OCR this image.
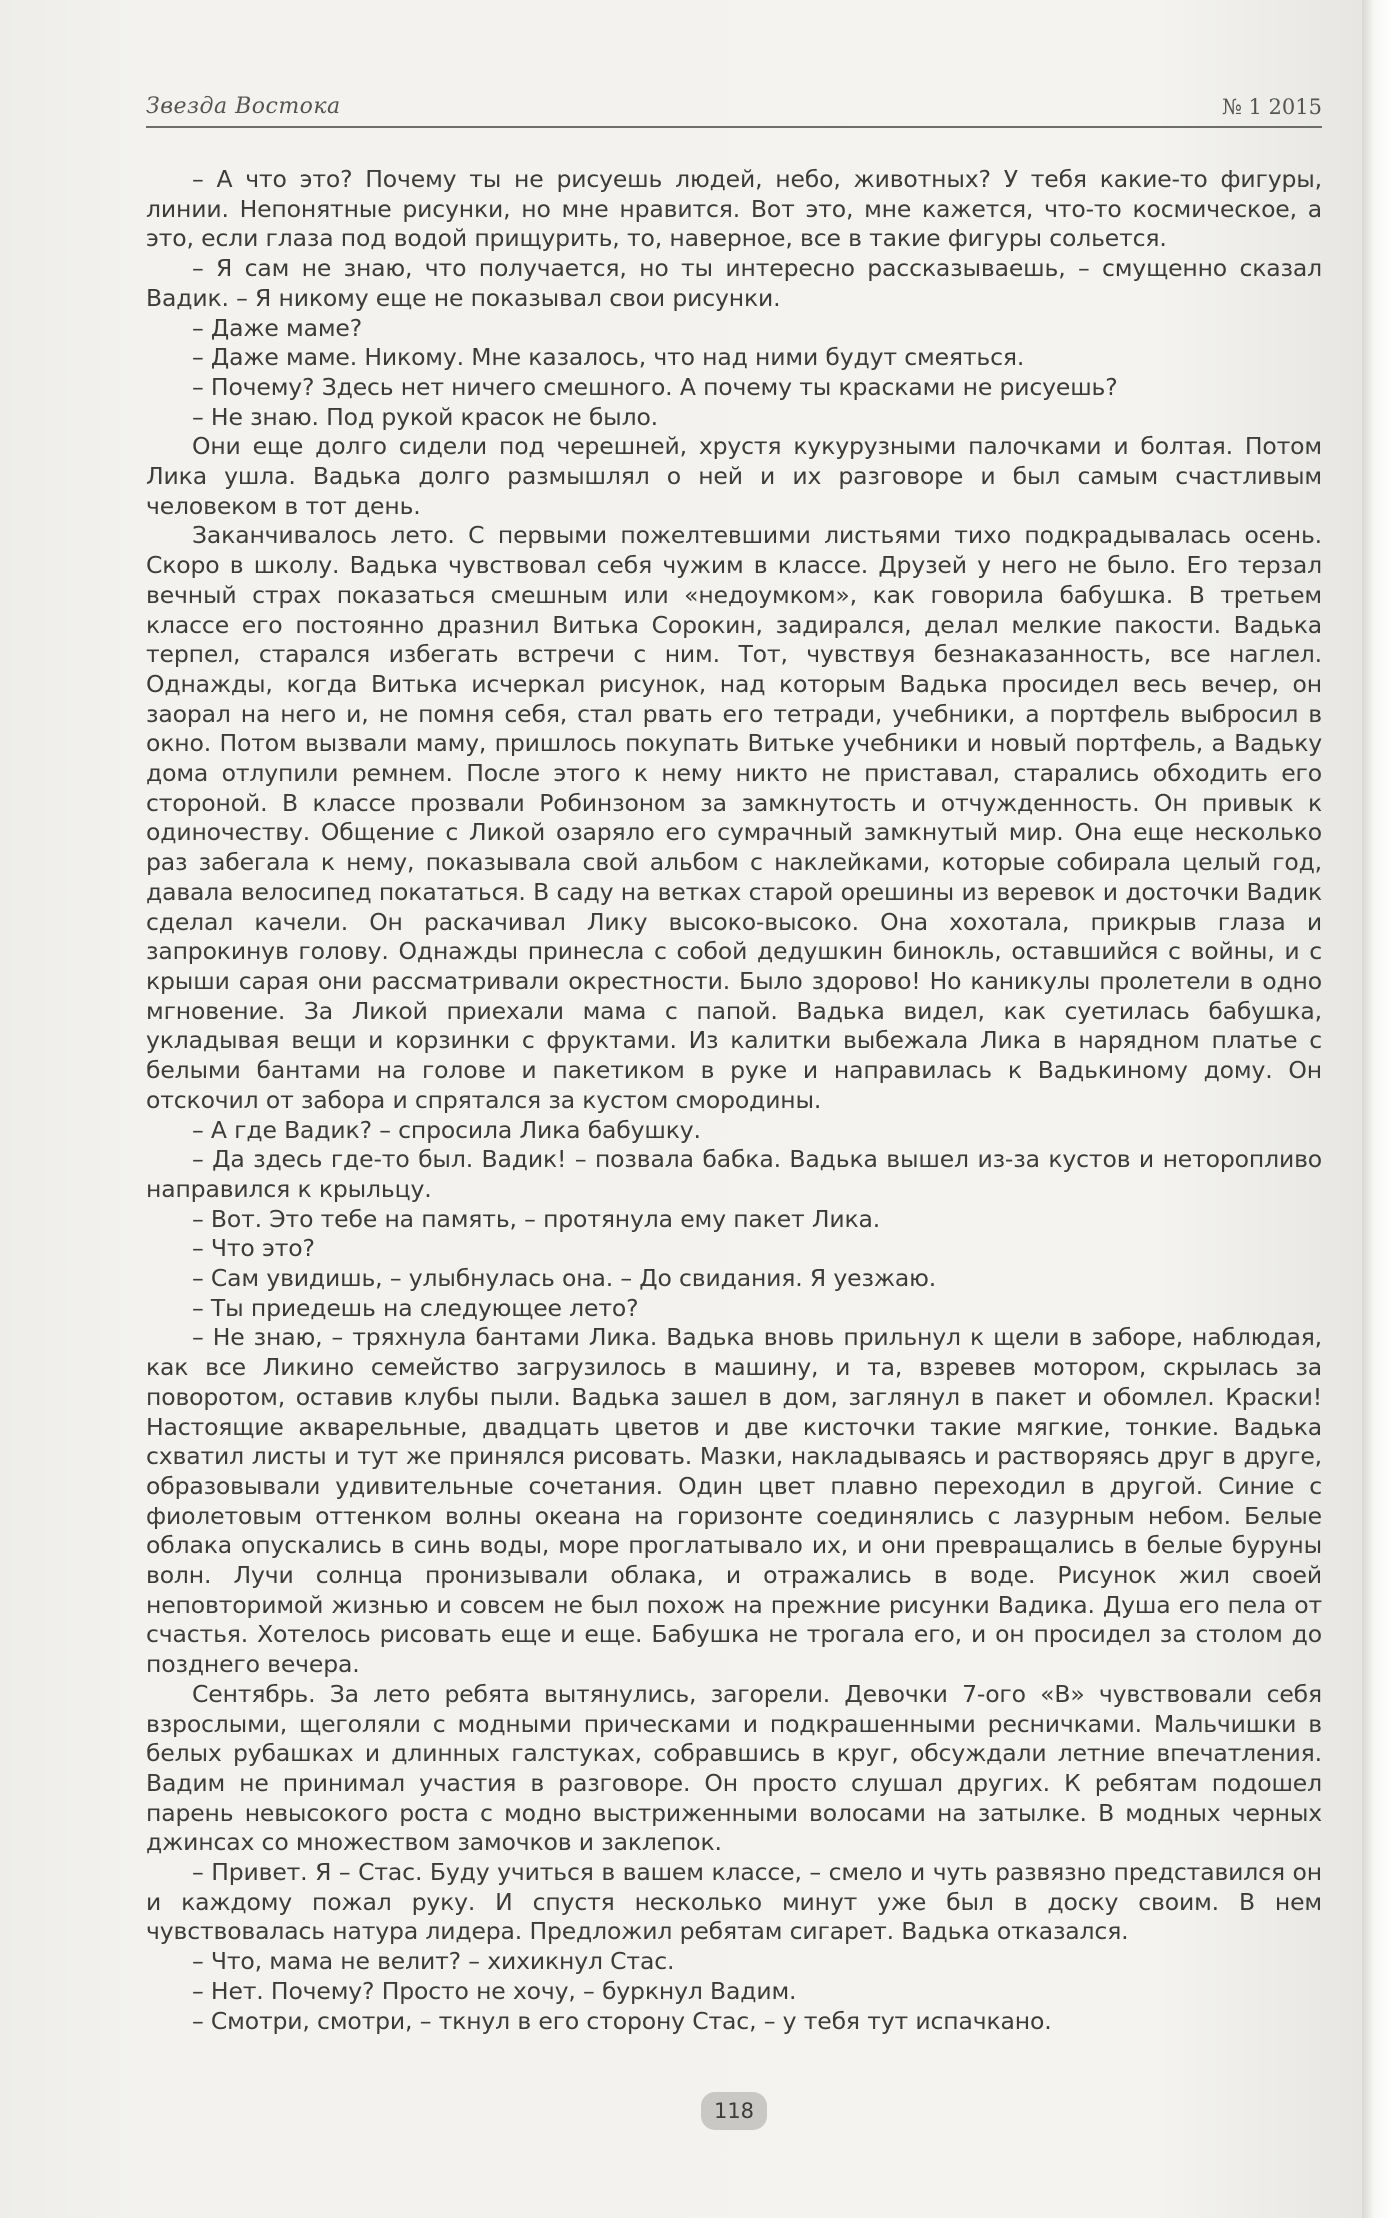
Звезда Востока	№ 1 2015

– А что это? Почему ты не рисуешь людей, небо, животных? У тебя какие-то фигуры, линии. Непонятные рисунки, но мне нравится. Вот это, мне кажется, что-то космическое, а это, если глаза под водой прищурить, то, наверное, все в такие фигуры сольется.

– Я сам не знаю, что получается, но ты интересно рассказываешь, – смущенно сказал Вадик. – Я никому еще не показывал свои рисунки.

– Даже маме?

– Даже маме. Никому. Мне казалось, что над ними будут смеяться.

– Почему? Здесь нет ничего смешного. А почему ты красками не рисуешь?

– Не знаю. Под рукой красок не было.

Они еще долго сидели под черешней, хрустя кукурузными палочками и болтая. Потом Лика ушла. Вадька долго размышлял о ней и их разговоре и был самым счастливым человеком в тот день.

Заканчивалось лето. С первыми пожелтевшими листьями тихо подкрадывалась осень. Скоро в школу. Вадька чувствовал себя чужим в классе. Друзей у него не было. Его терзал вечный страх показаться смешным или «недоумком», как говорила бабушка. В третьем классе его постоянно дразнил Витька Сорокин, задирался, делал мелкие пакости. Вадька терпел, старался избегать встречи с ним. Тот, чувствуя безнаказанность, все наглел. Однажды, когда Витька исчеркал рисунок, над которым Вадька просидел весь вечер, он заорал на него и, не помня себя, стал рвать его тетради, учебники, а портфель выбросил в окно. Потом вызвали маму, пришлось покупать Витьке учебники и новый портфель, а Вадьку дома отлупили ремнем. После этого к нему никто не приставал, старались обходить его стороной. В классе прозвали Робинзоном за замкнутость и отчужденность. Он привык к одиночеству. Общение с Ликой озаряло его сумрачный замкнутый мир. Она еще несколько раз забегала к нему, показывала свой альбом с наклейками, которые собирала целый год, давала велосипед покататься. В саду на ветках старой орешины из веревок и досточки Вадик сделал качели. Он раскачивал Лику высоко-высоко. Она хохотала, прикрыв глаза и запрокинув голову. Однажды принесла с собой дедушкин бинокль, оставшийся с войны, и с крыши сарая они рассматривали окрестности. Было здорово! Но каникулы пролетели в одно мгновение. За Ликой приехали мама с папой. Вадька видел, как суетилась бабушка, укладывая вещи и корзинки с фруктами. Из калитки выбежала Лика в нарядном платье с белыми бантами на голове и пакетиком в руке и направилась к Вадькиному дому. Он отскочил от забора и спрятался за кустом смородины.

– А где Вадик? – спросила Лика бабушку.

– Да здесь где-то был. Вадик! – позвала бабка. Вадька вышел из-за кустов и неторопливо направился к крыльцу.

– Вот. Это тебе на память, – протянула ему пакет Лика.

– Что это?

– Сам увидишь, – улыбнулась она. – До свидания. Я уезжаю.

– Ты приедешь на следующее лето?

– Не знаю, – тряхнула бантами Лика. Вадька вновь прильнул к щели в заборе, наблюдая, как все Ликино семейство загрузилось в машину, и та, взревев мотором, скрылась за поворотом, оставив клубы пыли. Вадька зашел в дом, заглянул в пакет и обомлел. Краски! Настоящие акварельные, двадцать цветов и две кисточки такие мягкие, тонкие. Вадька схватил листы и тут же принялся рисовать. Мазки, накладываясь и растворяясь друг в друге, образовывали удивительные сочетания. Один цвет плавно переходил в другой. Синие с фиолетовым оттенком волны океана на горизонте соединялись с лазурным небом. Белые облака опускались в синь воды, море проглатывало их, и они превращались в белые буруны волн. Лучи солнца пронизывали облака, и отражались в воде. Рисунок жил своей неповторимой жизнью и совсем не был похож на прежние рисунки Вадика. Душа его пела от счастья. Хотелось рисовать еще и еще. Бабушка не трогала его, и он просидел за столом до позднего вечера.

Сентябрь. За лето ребята вытянулись, загорели. Девочки 7-ого «В» чувствовали себя взрослыми, щеголяли с модными прическами и подкрашенными ресничками. Мальчишки в белых рубашках и длинных галстуках, собравшись в круг, обсуждали летние впечатления. Вадим не принимал участия в разговоре. Он просто слушал других. К ребятам подошел парень невысокого роста с модно выстриженными волосами на затылке. В модных черных джинсах со множеством замочков и заклепок.

– Привет. Я – Стас. Буду учиться в вашем классе, – смело и чуть развязно представился он и каждому пожал руку. И спустя несколько минут уже был в доску своим. В нем чувствовалась натура лидера. Предложил ребятам сигарет. Вадька отказался.

– Что, мама не велит? – хихикнул Стас.

– Нет. Почему? Просто не хочу, – буркнул Вадим.

– Смотри, смотри, – ткнул в его сторону Стас, – у тебя тут испачкано.

118
